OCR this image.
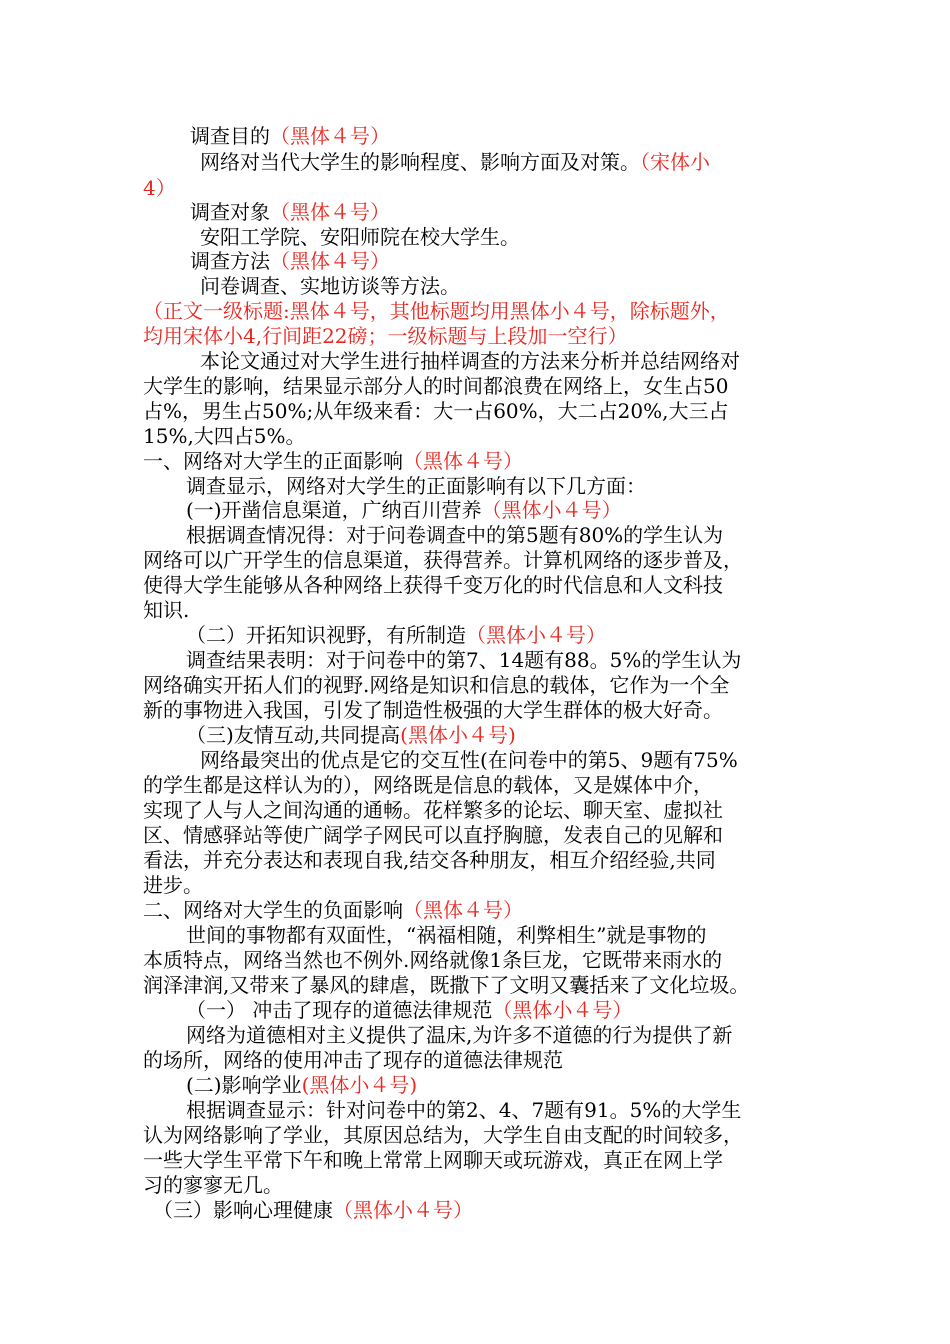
调查目的（黑体４号）
网络对当代大学生的影响程度、影响方面及对策。（宋体小
4）
调查对象（黑体４号）
安阳工学院、安阳师院在校大学生。
调查方法（黑体４号）
问卷调查、实地访谈等方法。
（正文一级标题:黑体４号，其他标题均用黑体小４号，除标题外，
均用宋体小4,行间距22磅；一级标题与上段加一空行）
本论文通过对大学生进行抽样调查的方法来分析并总结网络对
大学生的影响，结果显示部分人的时间都浪费在网络上，女生占50
占%，男生占50%;从年级来看：大一占60%，大二占20%,大三占
15%,大四占5%。
一、网络对大学生的正面影响（黑体４号）
调查显示，网络对大学生的正面影响有以下几方面：
(一)开凿信息渠道，广纳百川营养（黑体小４号）
根据调查情况得：对于问卷调查中的第5题有80%的学生认为
网络可以广开学生的信息渠道，获得营养。计算机网络的逐步普及，
使得大学生能够从各种网络上获得千变万化的时代信息和人文科技
知识.
（二）开拓知识视野，有所制造（黑体小４号）
调查结果表明：对于问卷中的第7、14题有88。5%的学生认为
网络确实开拓人们的视野.网络是知识和信息的载体，它作为一个全
新的事物进入我国，引发了制造性极强的大学生群体的极大好奇。
（三)友情互动,共同提高(黑体小４号)
网络最突出的优点是它的交互性(在问卷中的第5、9题有75%
的学生都是这样认为的），网络既是信息的载体，又是媒体中介，
实现了人与人之间沟通的通畅。花样繁多的论坛、聊天室、虚拟社
区、情感驿站等使广阔学子网民可以直抒胸臆，发表自己的见解和
看法，并充分表达和表现自我,结交各种朋友，相互介绍经验,共同
进步。
二、网络对大学生的负面影响（黑体４号）
世间的事物都有双面性，“祸福相随，利弊相生”就是事物的
本质特点，网络当然也不例外.网络就像1条巨龙，它既带来雨水的
润泽津润,又带来了暴风的肆虐，既撒下了文明又囊括来了文化垃圾。
（一） 冲击了现存的道德法律规范（黑体小４号）
网络为道德相对主义提供了温床,为许多不道德的行为提供了新
的场所，网络的使用冲击了现存的道德法律规范
(二)影响学业(黑体小４号)
根据调查显示：针对问卷中的第2、4、7题有91。5%的大学生
认为网络影响了学业，其原因总结为，大学生自由支配的时间较多，
一些大学生平常下午和晚上常常上网聊天或玩游戏，真正在网上学
习的寥寥无几。
（三）影响心理健康（黑体小４号）
